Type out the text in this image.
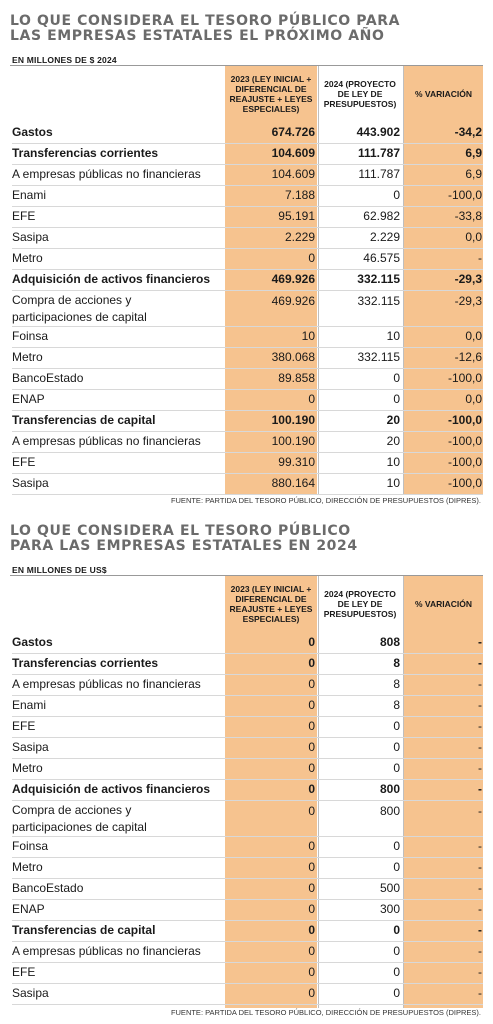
LO QUE CONSIDERA EL TESORO PÚBLICO PARA
LAS EMPRESAS ESTATALES EL PRÓXIMO AÑO
EN MILLONES DE $ 2024
2023 (LEY INICIAL + DIFERENCIAL DE REAJUSTE + LEYES ESPECIALES)
2024 (PROYECTO DE LEY DE PRESUPUESTOS)
% VARIACIÓN
Gastos	674.726	443.902	-34,2
Transferencias corrientes	104.609	111.787	6,9
A empresas públicas no financieras	104.609	111.787	6,9
Enami	7.188	0	-100,0
EFE	95.191	62.982	-33,8
Sasipa	2.229	2.229	0,0
Metro	0	46.575	-
Adquisición de activos financieros	469.926	332.115	-29,3
Compra de acciones y
participaciones de capital
469.926	332.115	-29,3
Foinsa	10	10	0,0
Metro	380.068	332.115	-12,6
BancoEstado	89.858	0	-100,0
ENAP	0	0	0,0
Transferencias de capital	100.190	20	-100,0
A empresas públicas no financieras	100.190	20	-100,0
EFE	99.310	10	-100,0
Sasipa	880.164	10	-100,0
FUENTE: PARTIDA DEL TESORO PÚBLICO, DIRECCIÓN DE PRESUPUESTOS (DIPRES).
LO QUE CONSIDERA EL TESORO PÚBLICO
PARA LAS EMPRESAS ESTATALES EN 2024
EN MILLONES DE US$
2023 (LEY INICIAL + DIFERENCIAL DE REAJUSTE + LEYES ESPECIALES)
2024 (PROYECTO DE LEY DE PRESUPUESTOS)
% VARIACIÓN
Gastos	0	808	-
Transferencias corrientes	0	8	-
A empresas públicas no financieras	0	8	-
Enami	0	8	-
EFE	0	0	-
Sasipa	0	0	-
Metro	0	0	-
Adquisición de activos financieros	0	800	-
Compra de acciones y
participaciones de capital
0	800	-
Foinsa	0	0	-
Metro	0	0	-
BancoEstado	0	500	-
ENAP	0	300	-
Transferencias de capital	0	0	-
A empresas públicas no financieras	0	0	-
EFE	0	0	-
Sasipa	0	0	-
FUENTE: PARTIDA DEL TESORO PÚBLICO, DIRECCIÓN DE PRESUPUESTOS (DIPRES).
